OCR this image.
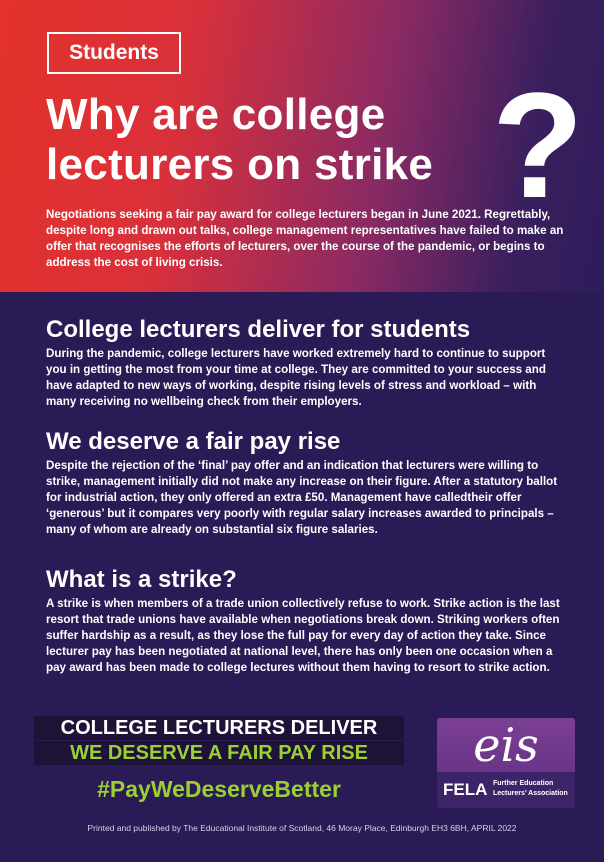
Students
Why are college
lecturers on strike ?

Negotiations seeking a fair pay award for college lecturers began in June 2021. Regrettably, despite long and drawn out talks, college management representatives have failed to make an offer that recognises the efforts of lecturers, over the course of the pandemic, or begins to address the cost of living crisis.

College lecturers deliver for students

During the pandemic, college lecturers have worked extremely hard to continue to support you in getting the most from your time at college. They are committed to your success and have adapted to new ways of working, despite rising levels of stress and workload – with many receiving no wellbeing check from their employers.

We deserve a fair pay rise

Despite the rejection of the ‘final’ pay offer and an indication that lecturers were willing to strike, management initially did not make any increase on their figure. After a statutory ballot for industrial action, they only offered an extra £50. Management have calledtheir offer ‘generous’ but it compares very poorly with regular salary increases awarded to principals – many of whom are already on substantial six figure salaries.

What is a strike?

A strike is when members of a trade union collectively refuse to work. Strike action is the last resort that trade unions have available when negotiations break down. Striking workers often suffer hardship as a result, as they lose the full pay for every day of action they take. Since lecturer pay has been negotiated at national level, there has only been one occasion when a pay award has been made to college lectures without them having to resort to strike action.

COLLEGE LECTURERS DELIVER
WE DESERVE A FAIR PAY RISE
#PayWeDeserveBetter
eis
FELA Further Education
Lecturers’ Association
Printed and published by The Educational Institute of Scotland, 46 Moray Place, Edinburgh EH3 6BH, APRIL 2022
